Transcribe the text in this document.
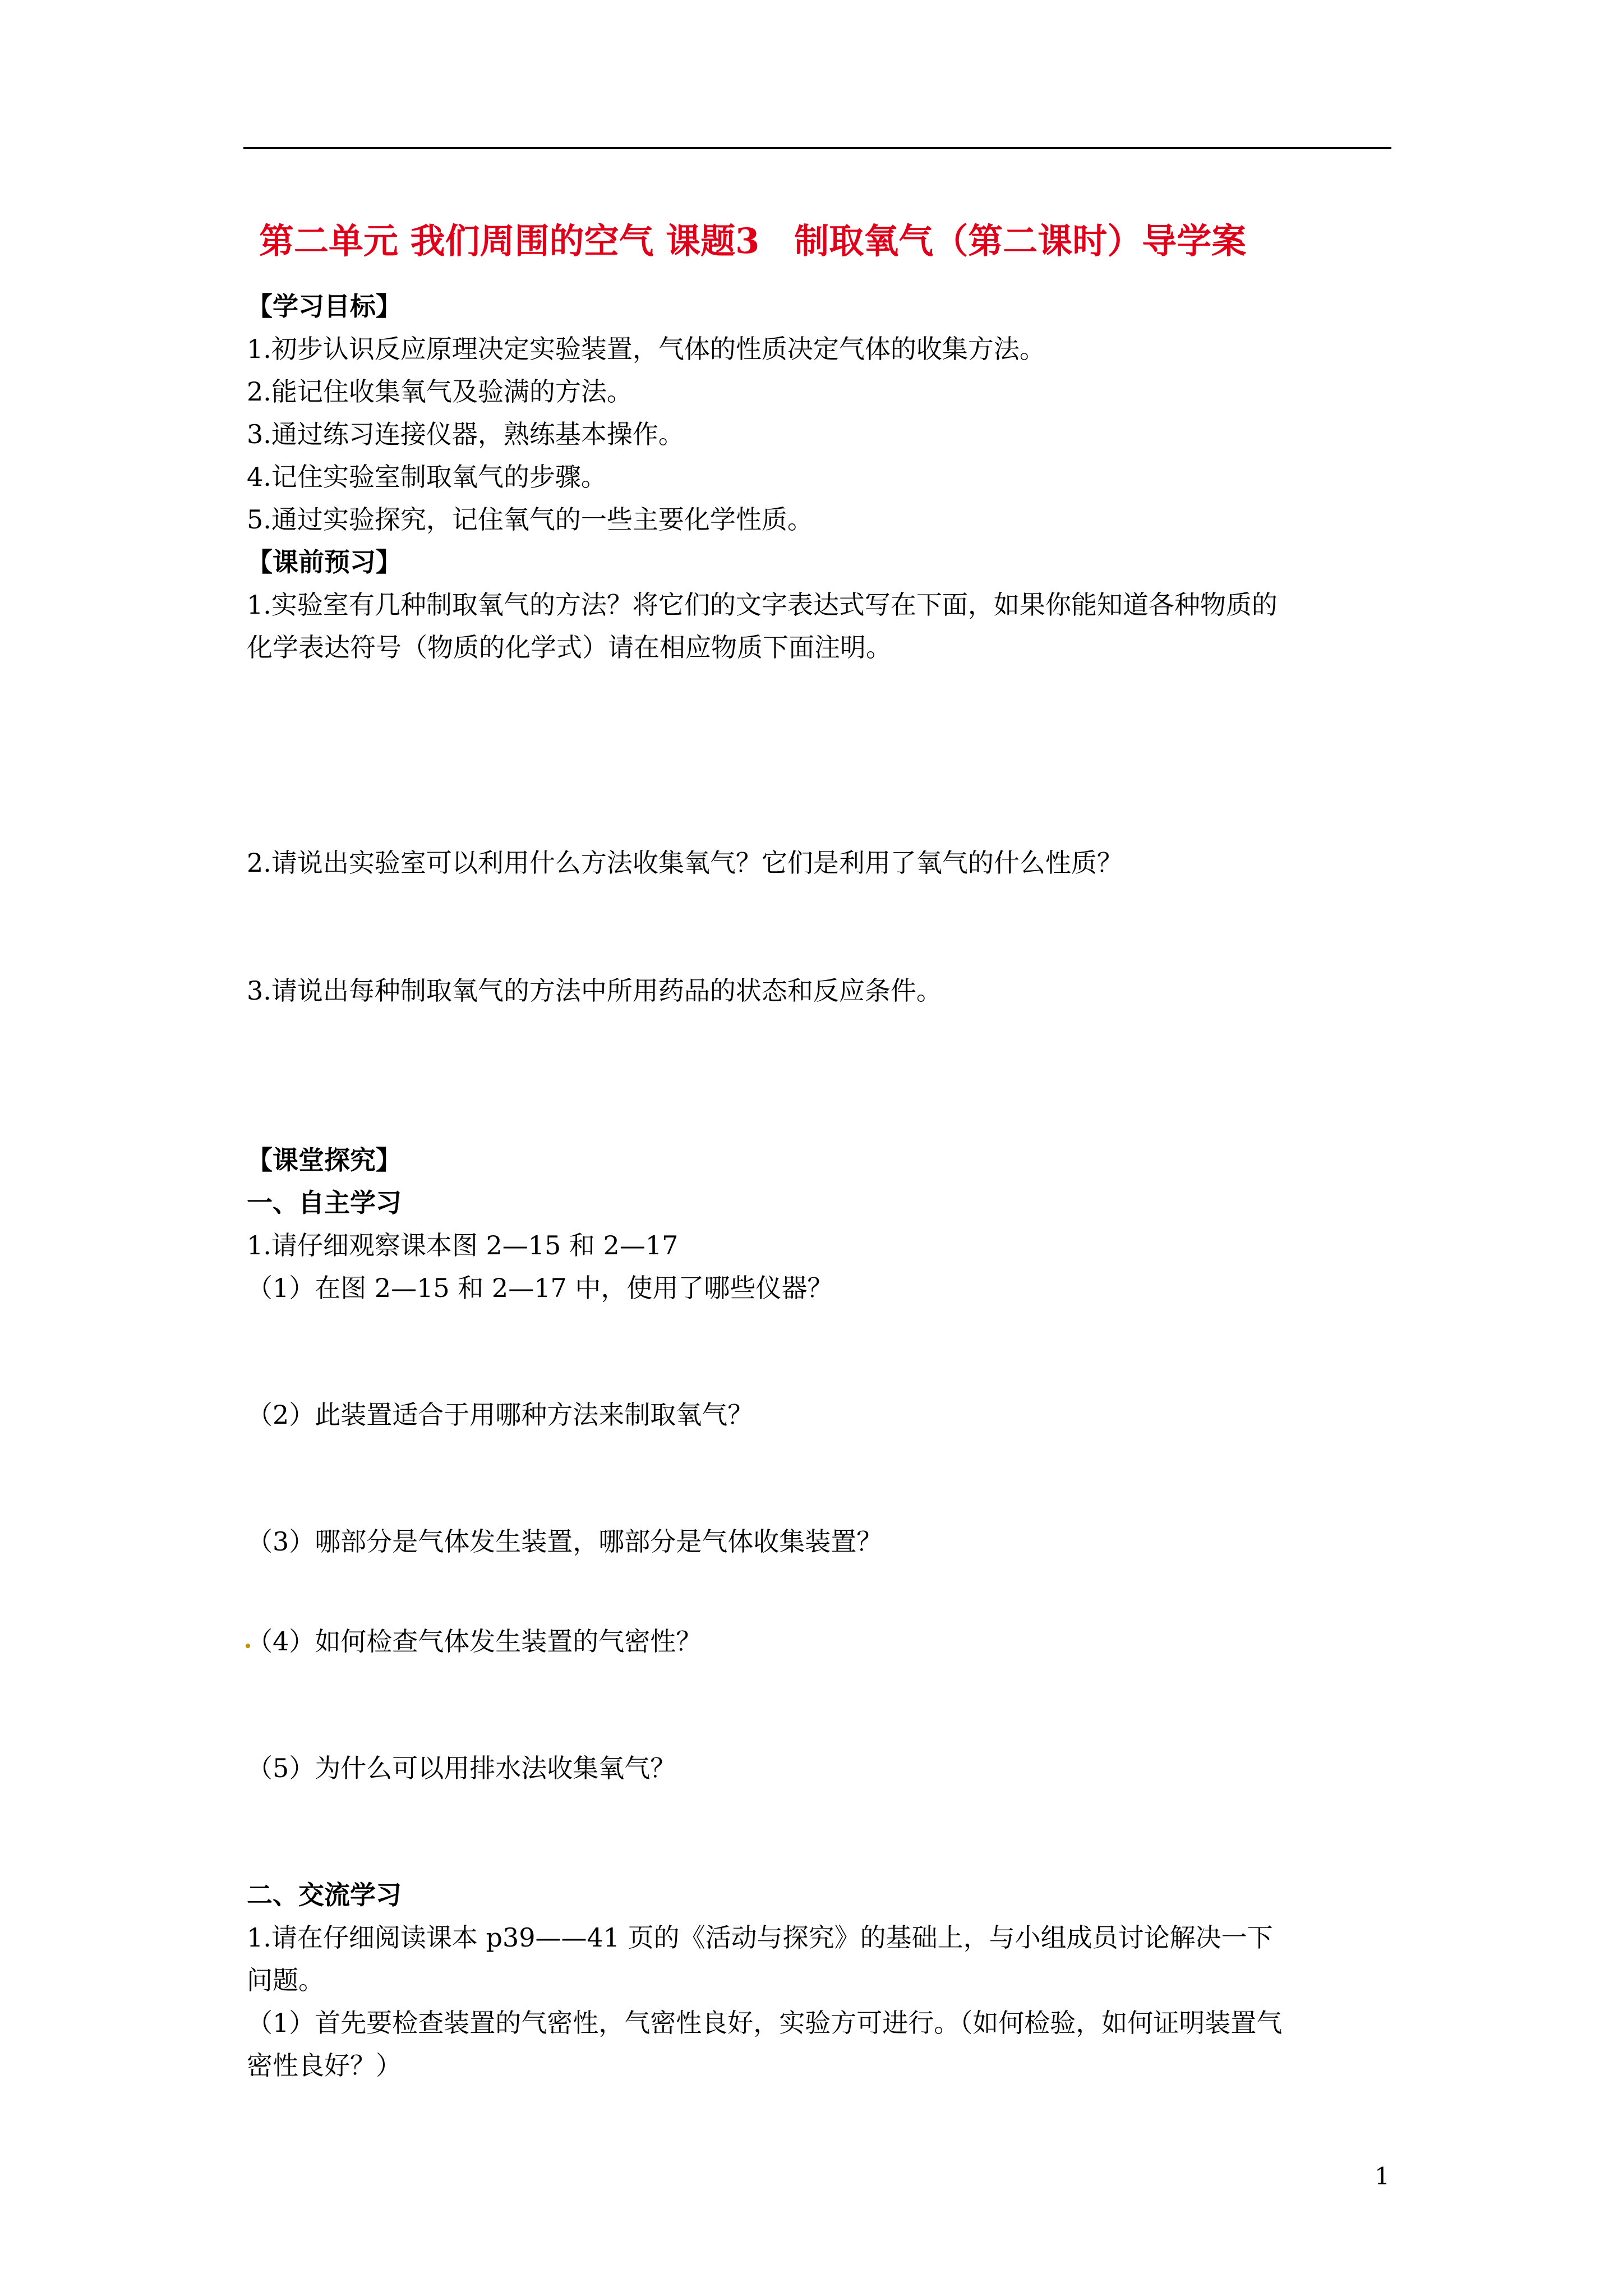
第二单元 我们周围的空气 课题3　制取氧气（第二课时）导学案
【学习目标】
1.初步认识反应原理决定实验装置，气体的性质决定气体的收集方法。
2.能记住收集氧气及验满的方法。
3.通过练习连接仪器，熟练基本操作。
4.记住实验室制取氧气的步骤。
5.通过实验探究，记住氧气的一些主要化学性质。
【课前预习】
1.实验室有几种制取氧气的方法？将它们的文字表达式写在下面，如果你能知道各种物质的
化学表达符号（物质的化学式）请在相应物质下面注明。
2.请说出实验室可以利用什么方法收集氧气？它们是利用了氧气的什么性质？
3.请说出每种制取氧气的方法中所用药品的状态和反应条件。
【课堂探究】
一、自主学习
1.请仔细观察课本图 2—15 和 2—17
（1）在图 2—15 和 2—17 中，使用了哪些仪器？
（2）此装置适合于用哪种方法来制取氧气？
（3）哪部分是气体发生装置，哪部分是气体收集装置？
（4）如何检查气体发生装置的气密性？
（5）为什么可以用排水法收集氧气？
二、交流学习
1.请在仔细阅读课本 p39——41 页的《活动与探究》的基础上，与小组成员讨论解决一下
问题。
（1）首先要检查装置的气密性，气密性良好，实验方可进行。（如何检验，如何证明装置气
密性良好？）
1
